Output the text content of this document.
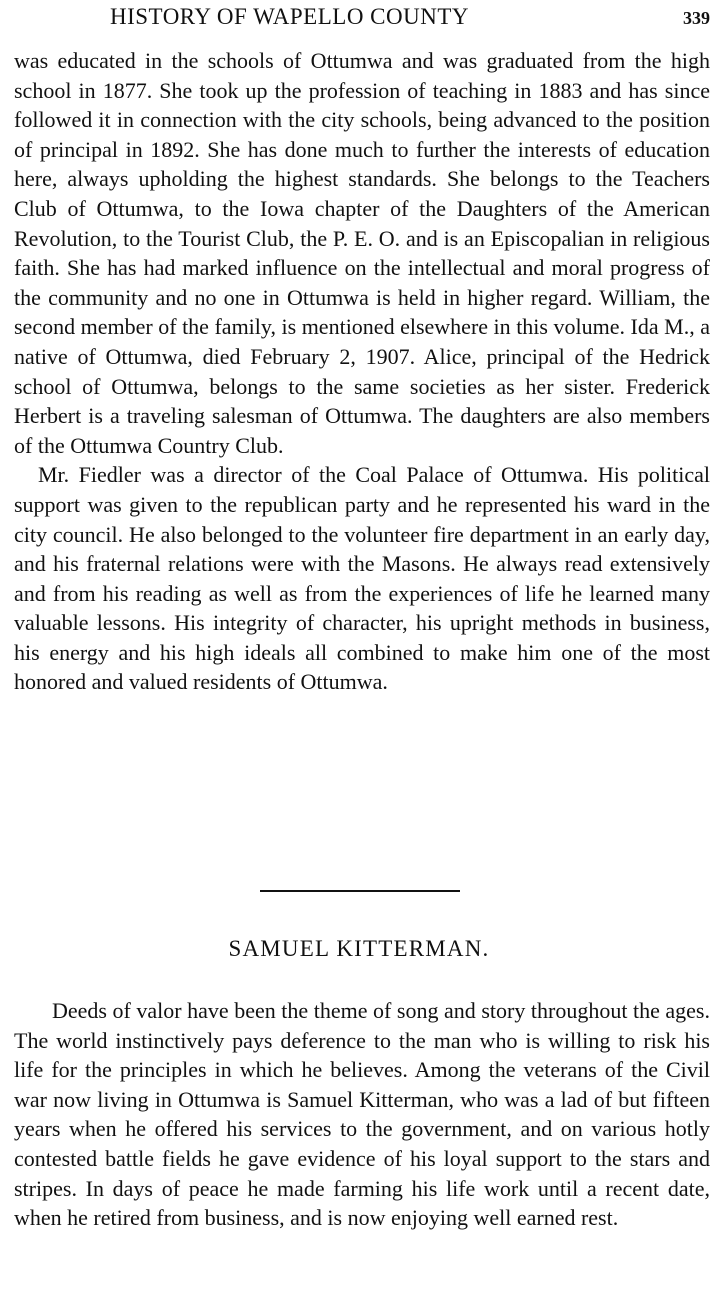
HISTORY OF WAPELLO COUNTY	339

was educated in the schools of Ottumwa and was graduated from the high school in 1877. She took up the profession of teaching in 1883 and has since followed it in connection with the city schools, being advanced to the position of principal in 1892. She has done much to further the interests of education here, always upholding the highest standards. She belongs to the Teachers Club of Ottumwa, to the Iowa chapter of the Daughters of the American Revolution, to the Tourist Club, the P. E. O. and is an Episcopalian in religious faith. She has had marked influence on the intellectual and moral progress of the community and no one in Ottumwa is held in higher regard. William, the second member of the family, is mentioned elsewhere in this volume. Ida M., a native of Ottumwa, died February 2, 1907. Alice, principal of the Hedrick school of Ottumwa, belongs to the same societies as her sister. Frederick Herbert is a traveling salesman of Ottumwa. The daughters are also members of the Ottumwa Country Club.

Mr. Fiedler was a director of the Coal Palace of Ottumwa. His political support was given to the republican party and he represented his ward in the city council. He also belonged to the volunteer fire department in an early day, and his fraternal relations were with the Masons. He always read extensively and from his reading as well as from the experiences of life he learned many valuable lessons. His integrity of character, his upright methods in business, his energy and his high ideals all combined to make him one of the most honored and valued residents of Ottumwa.

SAMUEL KITTERMAN.

Deeds of valor have been the theme of song and story throughout the ages. The world instinctively pays deference to the man who is willing to risk his life for the principles in which he believes. Among the veterans of the Civil war now living in Ottumwa is Samuel Kitterman, who was a lad of but fifteen years when he offered his services to the government, and on various hotly contested battle fields he gave evidence of his loyal support to the stars and stripes. In days of peace he made farming his life work until a recent date, when he retired from business, and is now enjoying well earned rest.
